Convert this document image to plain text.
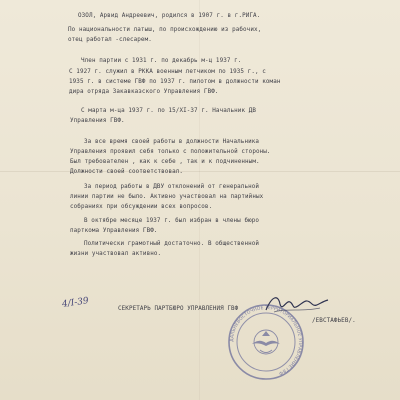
ОЗОЛ, Арвид Андреевич, родился в 1907 г. в г.РИГА.
По национальности латыш, по происхождению из рабочих,
отец работал -слесарем.
Член партии с 1931 г. по декабрь м-ц 1937 г.
С 1927 г. служил в РККА военным летчиком по 1935 г., с
1935 г. в системе ГВФ по 1937 г. пилотом в должности коман
дира отряда Закавказского Управления ГВФ.
С марта м-ца 1937 г. по 15/XI-37 г. Начальник ДВ
Управления ГВФ.
За все время своей работы в должности Начальника
Управления проявил себя только с положительной стороны.
Был требователен , как к себе , так и к подчиненным.
Должности своей соответствовал.
За период работы в ДВУ отклонений от генеральной
линии партии не было. Активно участвовал на партийных
собраниях при обсуждении всех вопросов.
В октябре месяце 1937 г. был избран в члены бюро
парткома Управления ГВФ.
Политически грамотный достаточно. В общественной
жизни участвовал активно.
4/I-39	СЕКРЕТАРЬ ПАРТБЮРО УПРАВЛЕНИЯ ГВФ
/ЕВСТАФЬЕВ/.
ДАЛЬНЕВОСТОЧНОЕ ТЕРРИТОРИАЛЬНОЕ УПРАВЛЕНИЕ ГВФ
